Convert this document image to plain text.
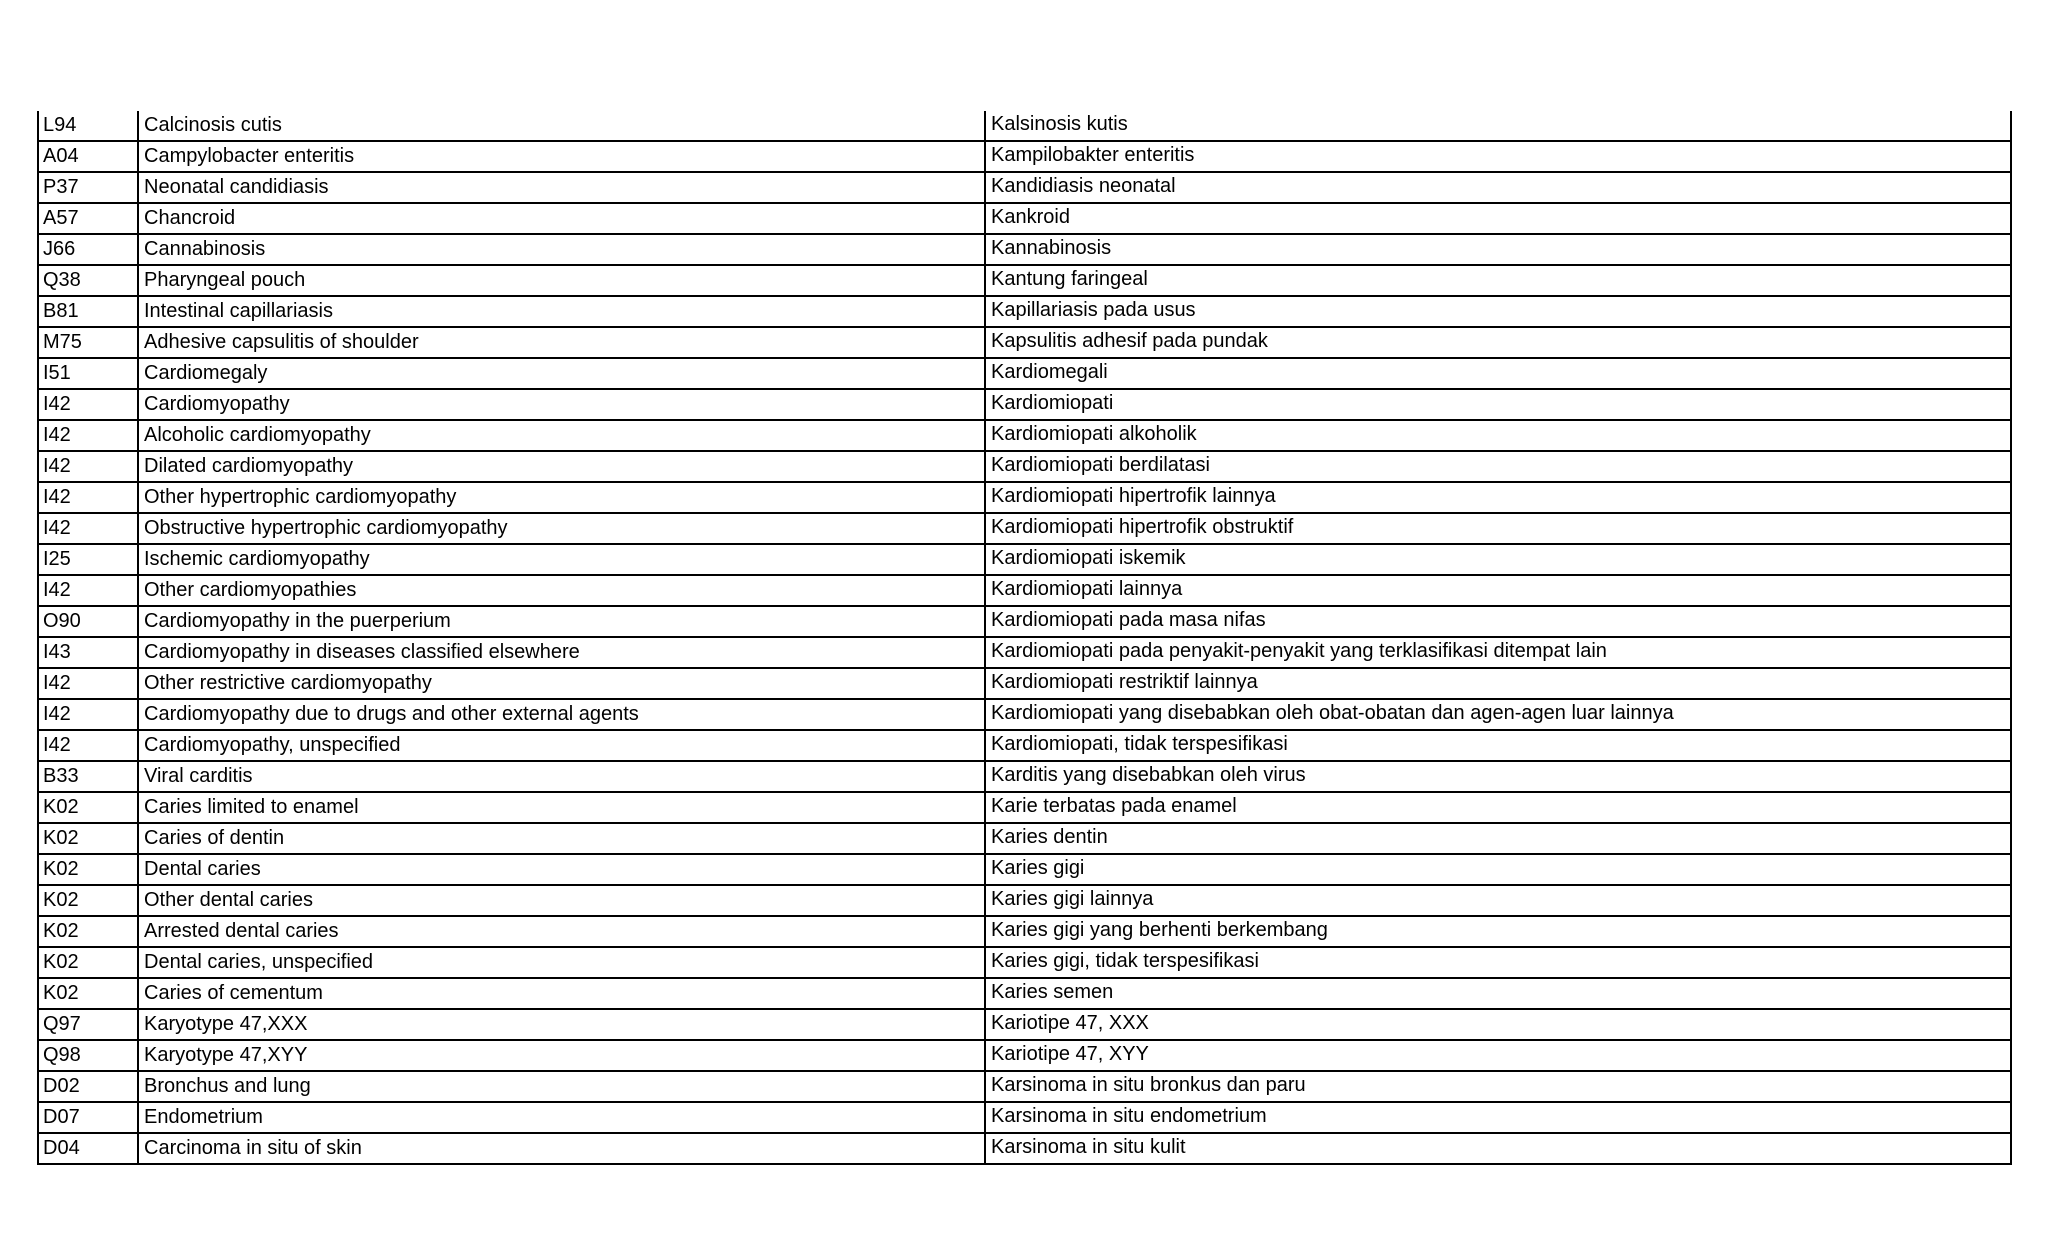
L94	Calcinosis cutis	Kalsinosis kutis
A04	Campylobacter enteritis	Kampilobakter enteritis
P37	Neonatal candidiasis	Kandidiasis neonatal
A57	Chancroid	Kankroid
J66	Cannabinosis	Kannabinosis
Q38	Pharyngeal pouch	Kantung faringeal
B81	Intestinal capillariasis	Kapillariasis pada usus
M75	Adhesive capsulitis of shoulder	Kapsulitis adhesif pada pundak
I51	Cardiomegaly	Kardiomegali
I42	Cardiomyopathy	Kardiomiopati
I42	Alcoholic cardiomyopathy	Kardiomiopati alkoholik
I42	Dilated cardiomyopathy	Kardiomiopati berdilatasi
I42	Other hypertrophic cardiomyopathy	Kardiomiopati hipertrofik lainnya
I42	Obstructive hypertrophic cardiomyopathy	Kardiomiopati hipertrofik obstruktif
I25	Ischemic cardiomyopathy	Kardiomiopati iskemik
I42	Other cardiomyopathies	Kardiomiopati lainnya
O90	Cardiomyopathy in the puerperium	Kardiomiopati pada masa nifas
I43	Cardiomyopathy in diseases classified elsewhere	Kardiomiopati pada penyakit-penyakit yang terklasifikasi ditempat lain
I42	Other restrictive cardiomyopathy	Kardiomiopati restriktif lainnya
I42	Cardiomyopathy due to drugs and other external agents	Kardiomiopati yang disebabkan oleh obat-obatan dan agen-agen luar lainnya
I42	Cardiomyopathy, unspecified	Kardiomiopati, tidak terspesifikasi
B33	Viral carditis	Karditis yang disebabkan oleh virus
K02	Caries limited to enamel	Karie terbatas pada enamel
K02	Caries of dentin	Karies dentin
K02	Dental caries	Karies gigi
K02	Other dental caries	Karies gigi lainnya
K02	Arrested dental caries	Karies gigi yang berhenti berkembang
K02	Dental caries, unspecified	Karies gigi, tidak terspesifikasi
K02	Caries of cementum	Karies semen
Q97	Karyotype 47,XXX	Kariotipe 47, XXX
Q98	Karyotype 47,XYY	Kariotipe 47, XYY
D02	Bronchus and lung	Karsinoma in situ bronkus dan paru
D07	Endometrium	Karsinoma in situ endometrium
D04	Carcinoma in situ of skin	Karsinoma in situ kulit
